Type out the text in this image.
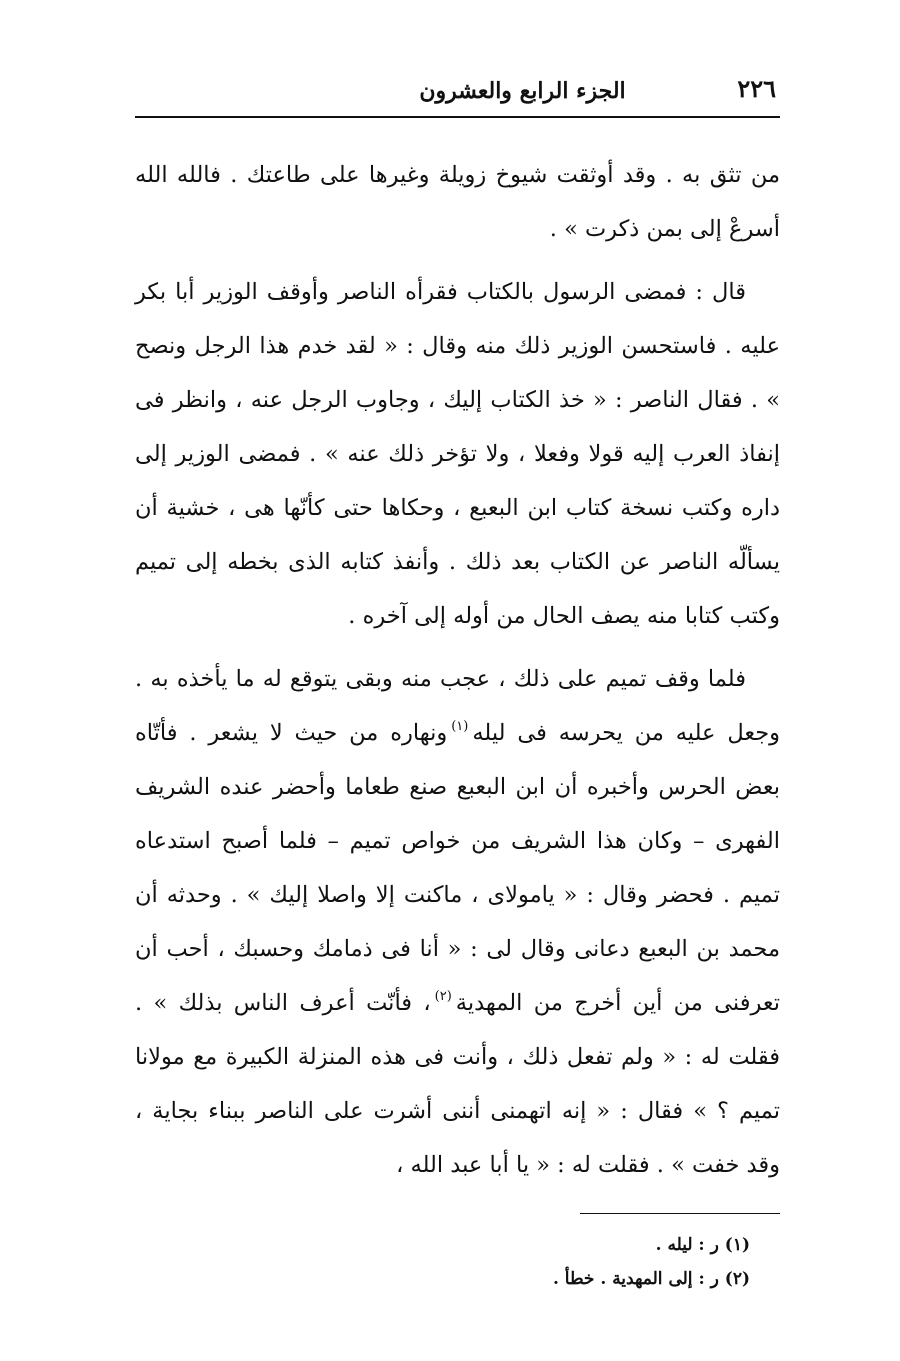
٢٢٦
الجزء الرابع والعشرون

من تثق به . وقد أوثقت شيوخ زويلة وغيرها على طاعتك . فالله الله أسرعْ إلى بمن ذكرت » .

قال : فمضى الرسول بالكتاب فقرأه الناصر وأوقف الوزير أبا بكر عليه . فاستحسن الوزير ذلك منه وقال : « لقد خدم هذا الرجل ونصح » . فقال الناصر : « خذ الكتاب إليك ، وجاوب الرجل عنه ، وانظر فى إنفاذ العرب إليه قولا وفعلا ، ولا تؤخر ذلك عنه » . فمضى الوزير إلى داره وكتب نسخة كتاب ابن البعبع ، وحكاها حتى كأنّها هى ، خشية أن يسألّه الناصر عن الكتاب بعد ذلك . وأنفذ كتابه الذى بخطه إلى تميم وكتب كتابا منه يصف الحال من أوله إلى آخره .

فلما وقف تميم على ذلك ، عجب منه وبقى يتوقع له ما يأخذه به . وجعل عليه من يحرسه فى ليله$^{(١)}$ونهاره من حيث لا يشعر . فأتّاه بعض الحرس وأخبره أن ابن البعبع صنع طعاما وأحضر عنده الشريف الفهرى – وكان هذا الشريف من خواص تميم – فلما أصبح استدعاه تميم . فحضر وقال : « يامولاى ، ماكنت إلا واصلا إليك » . وحدثه أن محمد بن البعبع دعانى وقال لى : « أنا فى ذمامك وحسبك ، أحب أن تعرفنى من أين أخرج من المهدية$^{(٢)}$، فأنّت أعرف الناس بذلك » . فقلت له : « ولم تفعل ذلك ، وأنت فى هذه المنزلة الكبيرة مع مولانا تميم ؟ » فقال : « إنه اتهمنى أننى أشرت على الناصر ببناء بجاية ، وقد خفت » . فقلت له : « يا أبا عبد الله ،

(١) ر : ليله .

(٢) ر : إلى المهدية . خطأ .
